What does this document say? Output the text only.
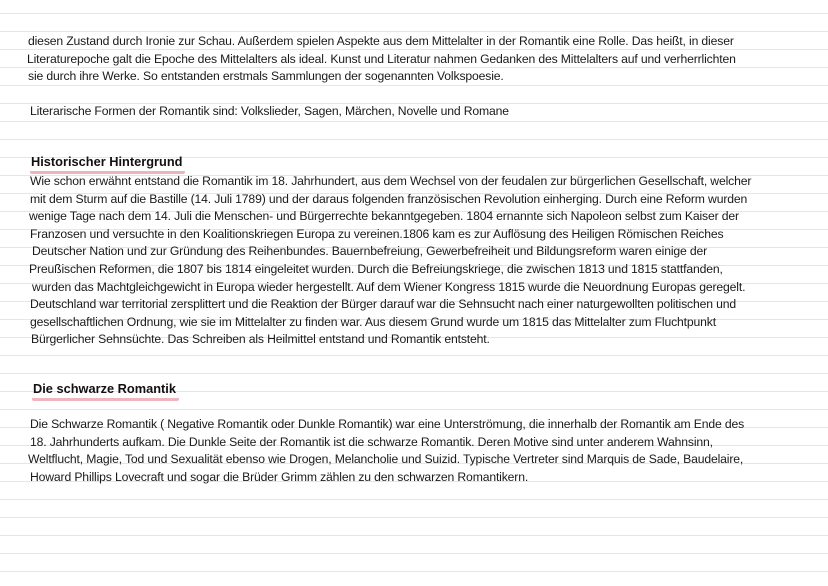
diesen Zustand durch Ironie zur Schau. Außerdem spielen Aspekte aus dem Mittelalter in der Romantik eine Rolle. Das heißt, in dieser
Literaturepoche galt die Epoche des Mittelalters als ideal. Kunst und Literatur nahmen Gedanken des Mittelalters auf und verherrlichten
sie durch ihre Werke. So entstanden erstmals Sammlungen der sogenannten Volkspoesie.
Literarische Formen der Romantik sind: Volkslieder, Sagen, Märchen, Novelle und Romane
Historischer Hintergrund
Wie schon erwähnt entstand die Romantik im 18. Jahrhundert, aus dem Wechsel von der feudalen zur bürgerlichen Gesellschaft, welcher
mit dem Sturm auf die Bastille (14. Juli 1789) und der daraus folgenden französischen Revolution einherging. Durch eine Reform wurden
wenige Tage nach dem 14. Juli die Menschen- und Bürgerrechte bekanntgegeben. 1804 ernannte sich Napoleon selbst zum Kaiser der
Franzosen und versuchte in den Koalitionskriegen Europa zu vereinen.1806 kam es zur Auflösung des Heiligen Römischen Reiches
Deutscher Nation und zur Gründung des Reihenbundes. Bauernbefreiung, Gewerbefreiheit und Bildungsreform waren einige der
Preußischen Reformen, die 1807 bis 1814 eingeleitet wurden. Durch die Befreiungskriege, die zwischen 1813 und 1815 stattfanden,
wurden das Machtgleichgewicht in Europa wieder hergestellt. Auf dem Wiener Kongress 1815 wurde die Neuordnung Europas geregelt.
Deutschland war territorial zersplittert und die Reaktion der Bürger darauf war die Sehnsucht nach einer naturgewollten politischen und
gesellschaftlichen Ordnung, wie sie im Mittelalter zu finden war. Aus diesem Grund wurde um 1815 das Mittelalter zum Fluchtpunkt
Bürgerlicher Sehnsüchte. Das Schreiben als Heilmittel entstand und Romantik entsteht.
Die schwarze Romantik
Die Schwarze Romantik ( Negative Romantik oder Dunkle Romantik) war eine Unterströmung, die innerhalb der Romantik am Ende des
18. Jahrhunderts aufkam. Die Dunkle Seite der Romantik ist die schwarze Romantik. Deren Motive sind unter anderem Wahnsinn,
Weltflucht, Magie, Tod und Sexualität ebenso wie Drogen, Melancholie und Suizid. Typische Vertreter sind Marquis de Sade, Baudelaire,
Howard Phillips Lovecraft und sogar die Brüder Grimm zählen zu den schwarzen Romantikern.
